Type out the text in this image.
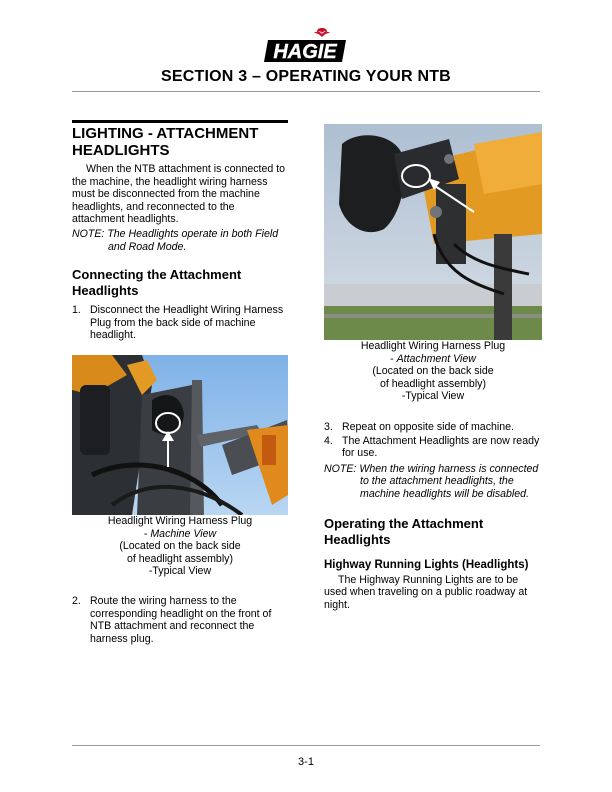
HAGIE
SECTION 3 – OPERATING YOUR NTB
LIGHTING - ATTACHMENT HEADLIGHTS

When the NTB attachment is connected to the machine, the headlight wiring harness must be disconnected from the machine headlights, and reconnected to the attachment headlights.

NOTE: The Headlights operate in both Field and Road Mode.

Connecting the Attachment Headlights
1. Disconnect the Headlight Wiring Harness Plug from the back side of machine headlight.
Headlight Wiring Harness Plug
- Machine View
(Located on the back side
of headlight assembly)
-Typical View
2. Route the wiring harness to the corresponding headlight on the front of NTB attachment and reconnect the harness plug.
Headlight Wiring Harness Plug
- Attachment View
(Located on the back side
of headlight assembly)
-Typical View
3. Repeat on opposite side of machine.
4. The Attachment Headlights are now ready for use.

NOTE: When the wiring harness is connected to the attachment headlights, the machine headlights will be disabled.

Operating the Attachment Headlights
Highway Running Lights (Headlights)

The Highway Running Lights are to be used when traveling on a public roadway at night.

3-1
